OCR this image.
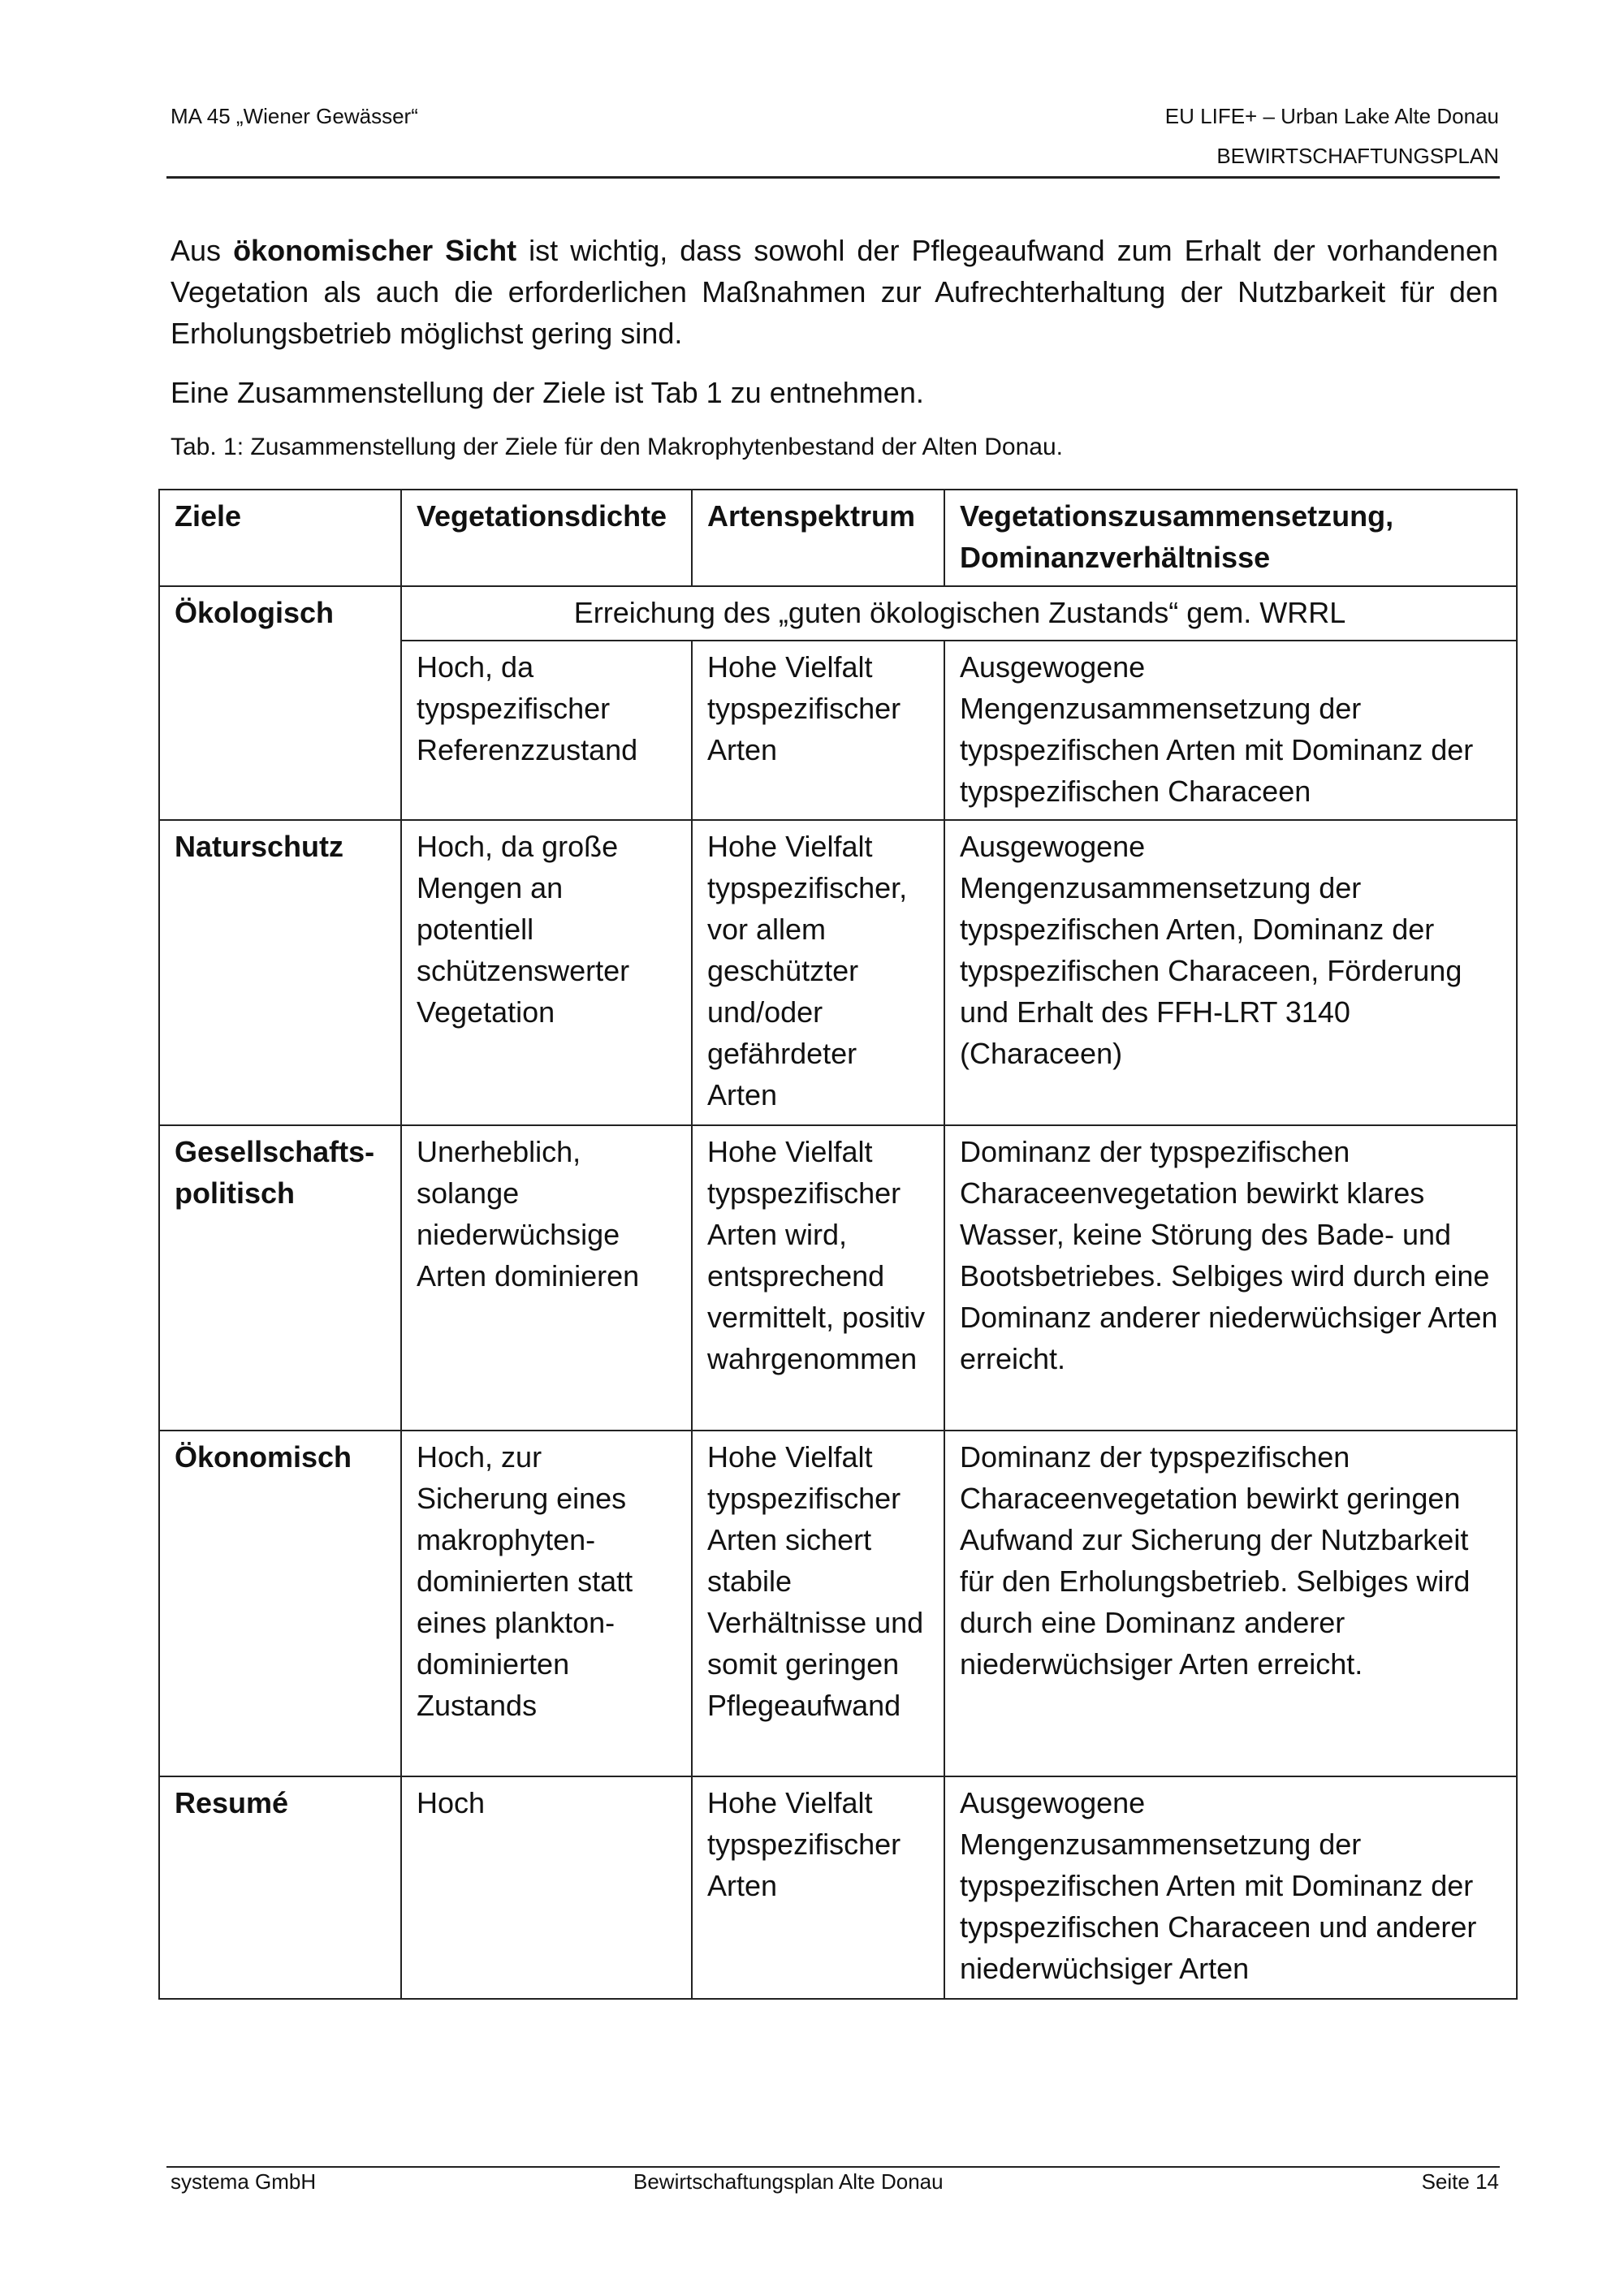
MA 45 „Wiener Gewässer“	EU LIFE+ – Urban Lake Alte Donau
BEWIRTSCHAFTUNGSPLAN

Aus ökonomischer Sicht ist wichtig, dass sowohl der Pflegeaufwand zum Erhalt der vorhandenen Vegetation als auch die erforderlichen Maßnahmen zur Aufrechterhaltung der Nutzbarkeit für den Erholungsbetrieb möglichst gering sind.

Eine Zusammenstellung der Ziele ist Tab 1 zu entnehmen.

Tab. 1: Zusammenstellung der Ziele für den Makrophytenbestand der Alten Donau.
Ziele	Vegetationsdichte	Artenspektrum	Vegetationszusammensetzung, Dominanzverhältnisse
Ökologisch	Erreichung des „guten ökologischen Zustands“ gem. WRRL		
	Hoch, da typspezifischer Referenzzustand	Hohe Vielfalt typspezifischer Arten	Ausgewogene Mengenzusammensetzung der typspezifischen Arten mit Dominanz der typspezifischen Characeen
Naturschutz	Hoch, da große Mengen an potentiell schützenswerter Vegetation	Hohe Vielfalt typspezifischer, vor allem geschützter und/oder gefährdeter Arten	Ausgewogene Mengenzusammensetzung der typspezifischen Arten, Dominanz der typspezifischen Characeen, Förderung und Erhalt des FFH-LRT 3140 (Characeen)
Gesellschafts-politisch	Unerheblich, solange niederwüchsige Arten dominieren	Hohe Vielfalt typspezifischer Arten wird, entsprechend vermittelt, positiv wahrgenommen	Dominanz der typspezifischen Characeenvegetation bewirkt klares Wasser, keine Störung des Bade- und Bootsbetriebes. Selbiges wird durch eine Dominanz anderer niederwüchsiger Arten erreicht.
Ökonomisch	Hoch, zur Sicherung eines makrophyten-dominierten statt eines plankton-dominierten Zustands	Hohe Vielfalt typspezifischer Arten sichert stabile Verhältnisse und somit geringen Pflegeaufwand	Dominanz der typspezifischen Characeenvegetation bewirkt geringen Aufwand zur Sicherung der Nutzbarkeit für den Erholungsbetrieb. Selbiges wird durch eine Dominanz anderer niederwüchsiger Arten erreicht.
Resumé	Hoch	Hohe Vielfalt typspezifischer Arten	Ausgewogene Mengenzusammensetzung der typspezifischen Arten mit Dominanz der typspezifischen Characeen und anderer niederwüchsiger Arten
systema GmbH	Bewirtschaftungsplan Alte Donau	Seite 14
